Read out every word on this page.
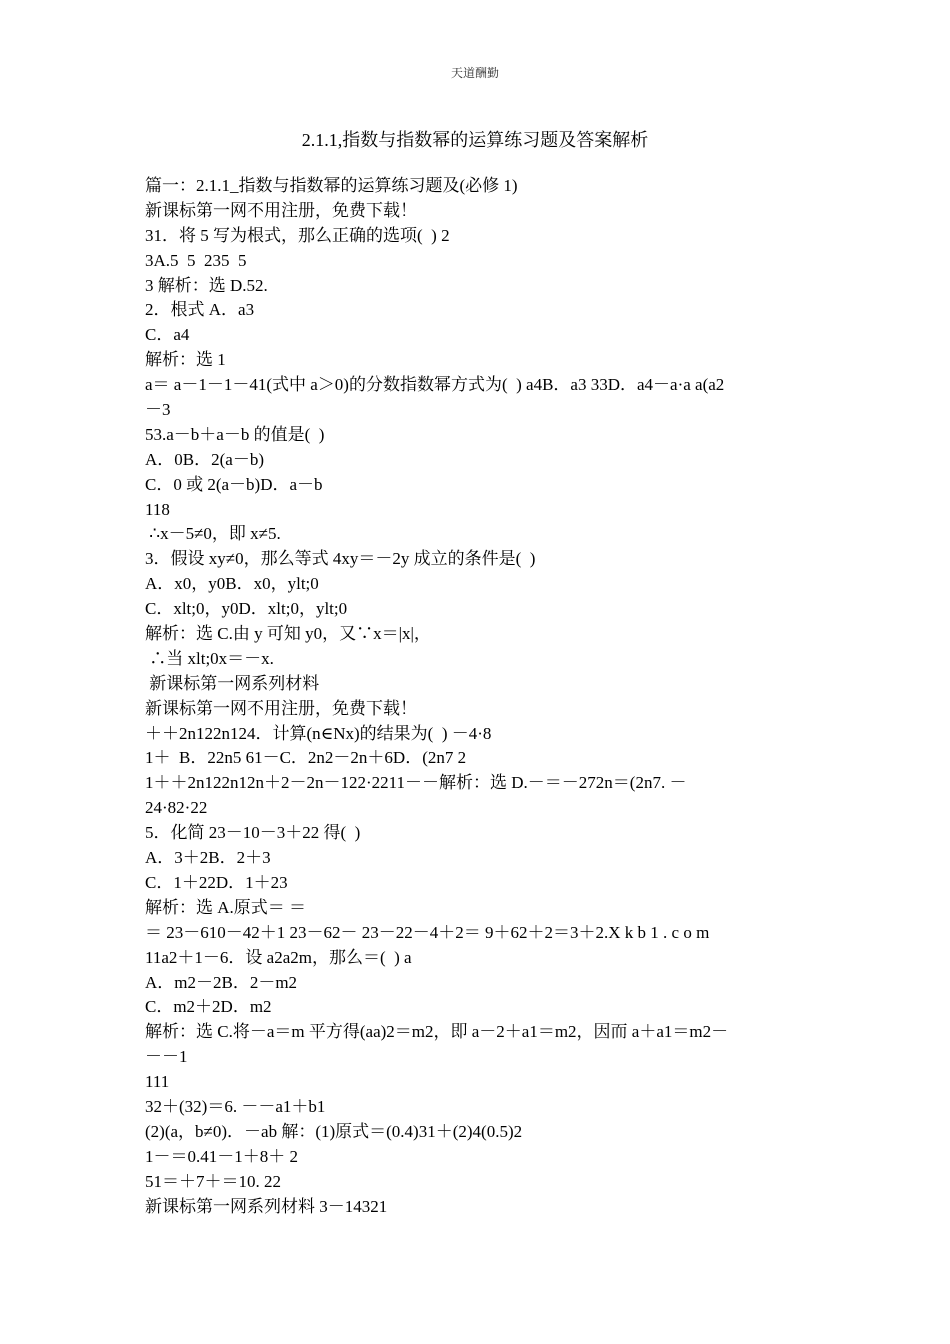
天道酬勤
2.1.1,指数与指数幂的运算练习题及答案解析
篇一：2.1.1_指数与指数幂的运算练习题及(必修 1)
新课标第一网不用注册，免费下载！
31．将 5 写为根式，那么正确的选项(  ) 2
3A.5  5  235  5
3 解析：选 D.52.
2．根式 A．a3
C．a4
解析：选 1
a＝ a－1－1－41(式中 a＞0)的分数指数幂方式为(  ) a4B．a3 33D．a4－a·a a(a2
－3
53.a－b＋a－b 的值是(  )
A．0B．2(a－b)
C．0 或 2(a－b)D．a－b
118
∴x－5≠0，即 x≠5.
3．假设 xy≠0，那么等式 4xy＝－2y 成立的条件是(  )
A．x0，y0B．x0，ylt;0
C．xlt;0，y0D．xlt;0，ylt;0
解析：选 C.由 y 可知 y0，又∵x＝|x|，
∴当 xlt;0x＝－x.
新课标第一网系列材料
新课标第一网不用注册，免费下载！
＋＋2n122n124．计算(n∈Nx)的结果为(  ) －4·8
1＋  B．22n5 61－C．2n2－2n＋6D．(2n7 2
1＋＋2n122n12n＋2－2n－122·2211－－解析：选 D.－＝－272n＝(2n7. －
24·82·22
5．化简 23－10－3＋22 得(  )
A．3＋2B．2＋3
C．1＋22D．1＋23
解析：选 A.原式＝ ＝
＝ 23－610－42＋1 23－62－ 23－22－4＋2＝ 9＋62＋2＝3＋2.X k b 1 . c o m
11a2＋1－6．设 a2a2m，那么＝(  ) a
A．m2－2B．2－m2
C．m2＋2D．m2
解析：选 C.将－a＝m 平方得(aa)2＝m2，即 a－2＋a1＝m2，因而 a＋a1＝m2－
－－1
111
32＋(32)＝6. －－a1＋b1
(2)(a，b≠0)．－ab 解：(1)原式＝(0.4)31＋(2)4(0.5)2
1－＝0.41－1＋8＋ 2
51＝＋7＋＝10. 22
新课标第一网系列材料 3－14321
